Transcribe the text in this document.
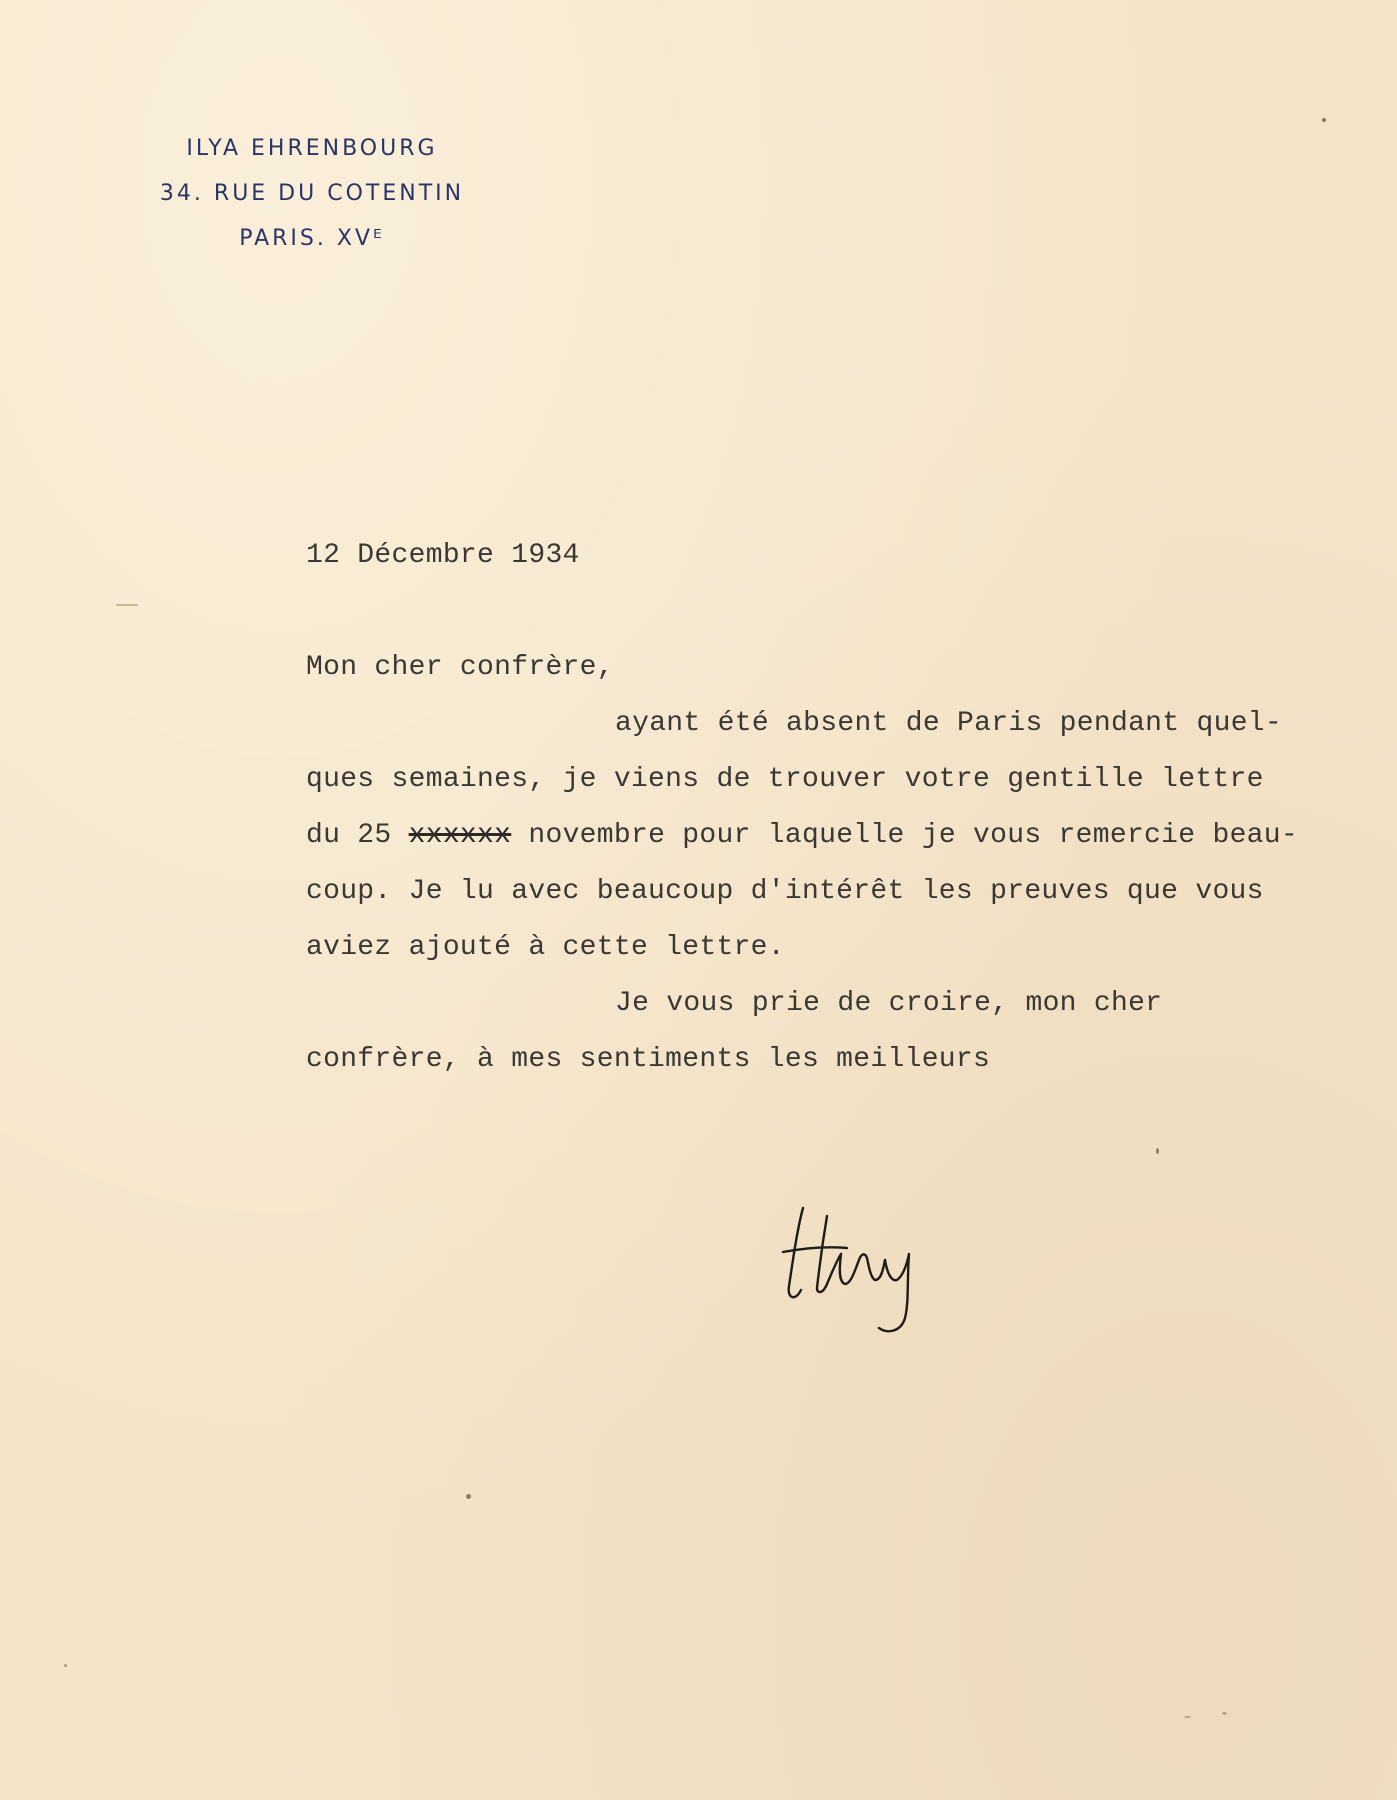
ILYA EHRENBOURG
34. RUE DU COTENTIN
PARIS. XVᴱ
12 Décembre 1934
Mon cher confrère,
ayant été absent de Paris pendant quel-
ques semaines, je viens de trouver votre gentille lettre
du 25 xxxxxx novembre pour laquelle je vous remercie beau-
coup. Je lu avec beaucoup d'intérêt les preuves que vous
aviez ajouté à cette lettre.
Je vous prie de croire, mon cher
confrère, à mes sentiments les meilleurs
